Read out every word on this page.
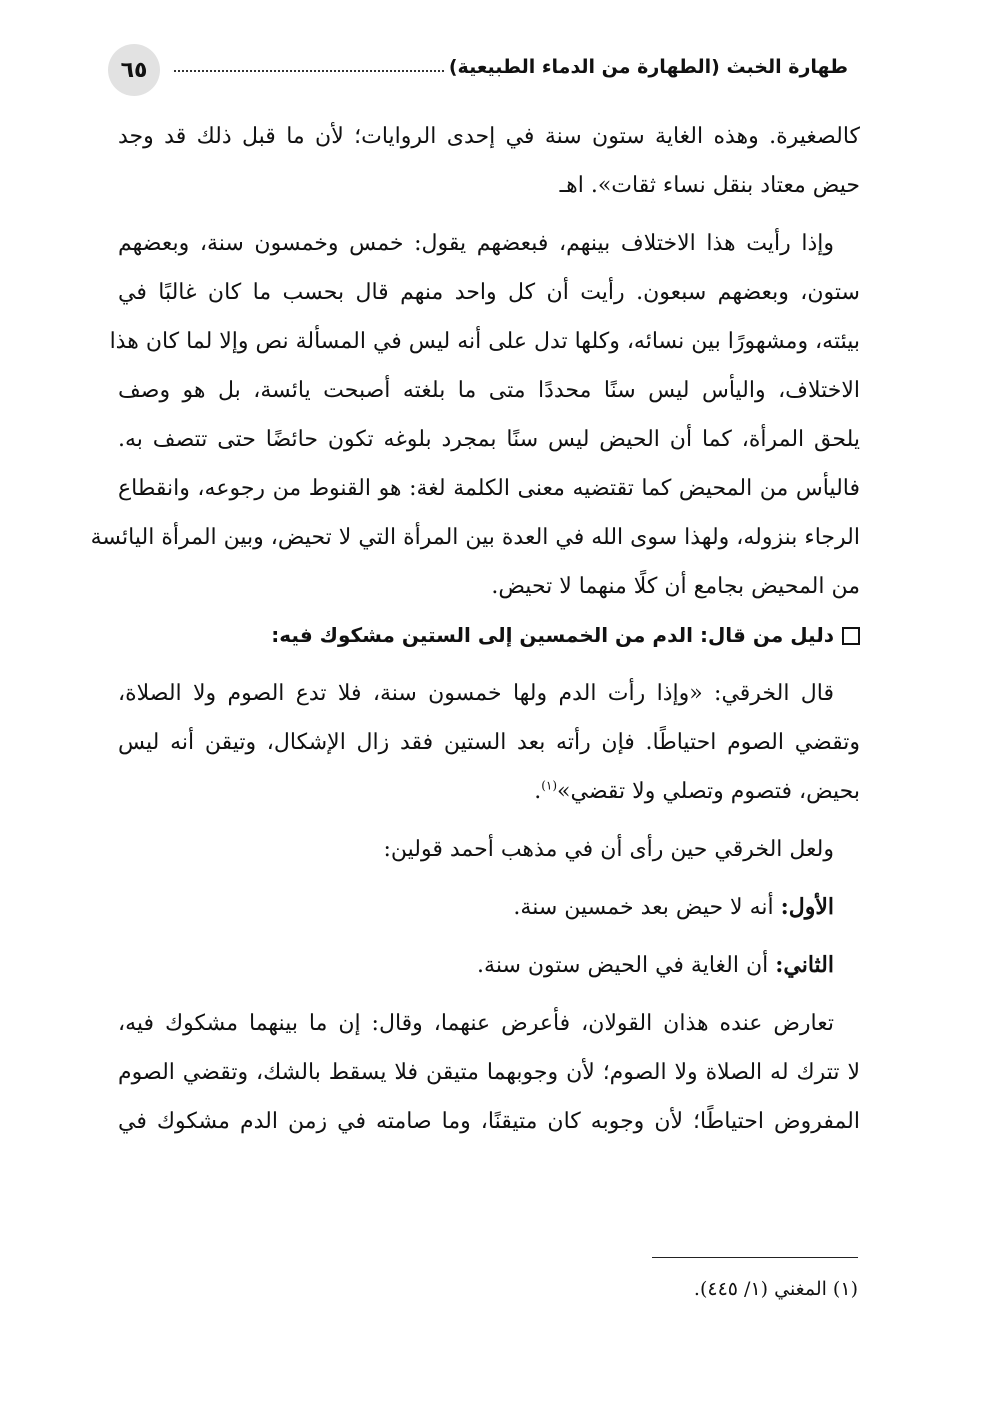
٦٥	طهارة الخبث (الطهارة من الدماء الطبيعية)
كالصغيرة. وهذه الغاية ستون سنة في إحدى الروايات؛ لأن ما قبل ذلك قد وجد
حيض معتاد بنقل نساء ثقات». اهـ
وإذا رأيت هذا الاختلاف بينهم، فبعضهم يقول: خمس وخمسون سنة، وبعضهم
ستون، وبعضهم سبعون. رأيت أن كل واحد منهم قال بحسب ما كان غالبًا في
بيئته، ومشهورًا بين نسائه، وكلها تدل على أنه ليس في المسألة نص وإلا لما كان هذا
الاختلاف، واليأس ليس سنًا محددًا متى ما بلغته أصبحت يائسة، بل هو وصف
يلحق المرأة، كما أن الحيض ليس سنًا بمجرد بلوغه تكون حائضًا حتى تتصف به.
فاليأس من المحيض كما تقتضيه معنى الكلمة لغة: هو القنوط من رجوعه، وانقطاع
الرجاء بنزوله، ولهذا سوى الله في العدة بين المرأة التي لا تحيض، وبين المرأة اليائسة
من المحيض بجامع أن كلًا منهما لا تحيض.
دليل من قال: الدم من الخمسين إلى الستين مشكوك فيه:
قال الخرقي: «وإذا رأت الدم ولها خمسون سنة، فلا تدع الصوم ولا الصلاة،
وتقضي الصوم احتياطًا. فإن رأته بعد الستين فقد زال الإشكال، وتيقن أنه ليس
بحيض، فتصوم وتصلي ولا تقضي»$^{(١)}$.
ولعل الخرقي حين رأى أن في مذهب أحمد قولين:
الأول: أنه لا حيض بعد خمسين سنة.
الثاني: أن الغاية في الحيض ستون سنة.
تعارض عنده هذان القولان، فأعرض عنهما، وقال: إن ما بينهما مشكوك فيه،
لا تترك له الصلاة ولا الصوم؛ لأن وجوبهما متيقن فلا يسقط بالشك، وتقضي الصوم
المفروض احتياطًا؛ لأن وجوبه كان متيقنًا، وما صامته في زمن الدم مشكوك في
(١) المغني (١/ ٤٤٥).
